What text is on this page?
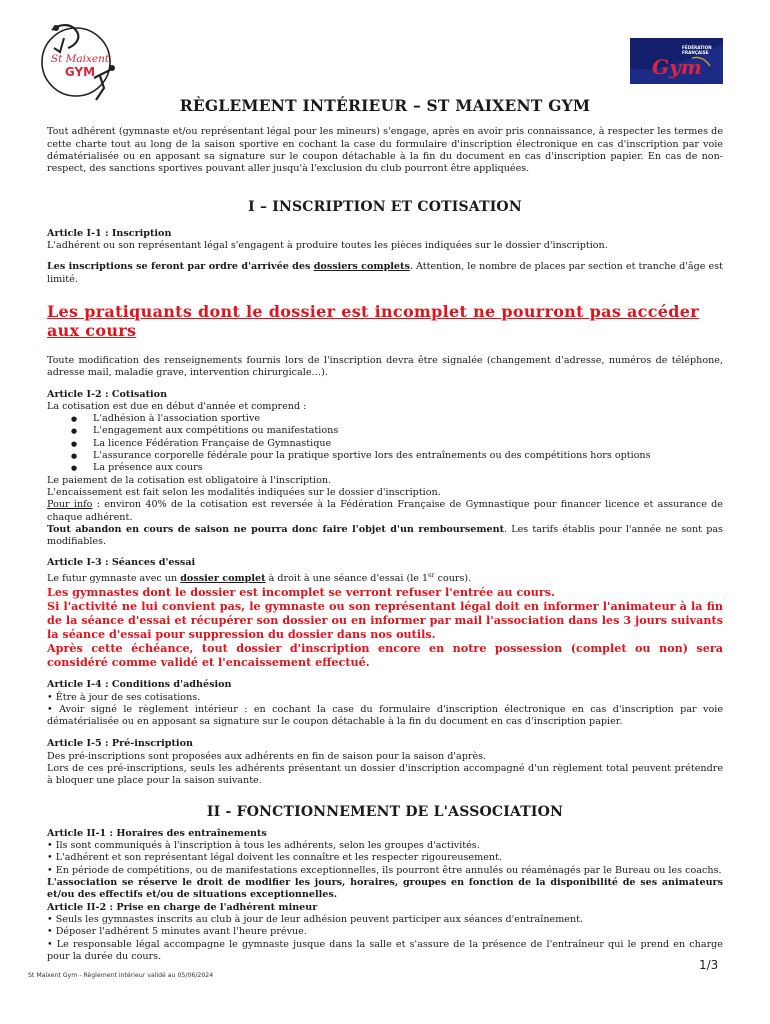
St Maixent
GYM
FÉDÉRATION
FRANÇAISE
Gym
RÈGLEMENT INTÉRIEUR – ST MAIXENT GYM

Tout adhérent (gymnaste et/ou représentant légal pour les mineurs) s'engage, après en avoir pris connaissance, à respecter les termes de cette charte tout au long de la saison sportive en cochant la case du formulaire d'inscription électronique en cas d'inscription par voie dématérialisée ou en apposant sa signature sur le coupon détachable à la fin du document en cas d'inscription papier. En cas de non-respect, des sanctions sportives pouvant aller jusqu'à l'exclusion du club pourront être appliquées.

I – INSCRIPTION ET COTISATION
Article I-1 : Inscription

L'adhérent ou son représentant légal s'engagent à produire toutes les pièces indiquées sur le dossier d'inscription.

Les inscriptions se feront par ordre d'arrivée des dossiers complets. Attention, le nombre de places par section et tranche d'âge est limité.

Les pratiquants dont le dossier est incomplet ne pourront pas accéder aux cours

Toute modification des renseignements fournis lors de l'inscription devra être signalée (changement d'adresse, numéros de téléphone, adresse mail, maladie grave, intervention chirurgicale…).

Article I-2 : Cotisation

La cotisation est due en début d'année et comprend :

● L'adhésion à l'association sportive
● L'engagement aux compétitions ou manifestations
● La licence Fédération Française de Gymnastique
● L'assurance corporelle fédérale pour la pratique sportive lors des entraînements ou des compétitions hors options
● La présence aux cours

Le paiement de la cotisation est obligatoire à l'inscription.

L'encaissement est fait selon les modalités indiquées sur le dossier d'inscription.

Pour info : environ 40% de la cotisation est reversée à la Fédération Française de Gymnastique pour financer licence et assurance de chaque adhérent.

Tout abandon en cours de saison ne pourra donc faire l'objet d'un remboursement. Les tarifs établis pour l'année ne sont pas modifiables.

Article I-3 : Séances d'essai

Le futur gymnaste avec un dossier complet à droit à une séance d'essai (le 1er cours).

Les gymnastes dont le dossier est incomplet se verront refuser l'entrée au cours.

Si l'activité ne lui convient pas, le gymnaste ou son représentant légal doit en informer l'animateur à la fin de la séance d'essai et récupérer son dossier ou en informer par mail l'association dans les 3 jours suivants la séance d'essai pour suppression du dossier dans nos outils.

Après cette échéance, tout dossier d'inscription encore en notre possession (complet ou non) sera considéré comme validé et l'encaissement effectué.

Article I-4 : Conditions d'adhésion

• Être à jour de ses cotisations.

• Avoir signé le règlement intérieur : en cochant la case du formulaire d'inscription électronique en cas d'inscription par voie dématérialisée ou en apposant sa signature sur le coupon détachable à la fin du document en cas d'inscription papier.

Article I-5 : Pré-inscription

Des pré-inscriptions sont proposées aux adhérents en fin de saison pour la saison d'après.

Lors de ces pré-inscriptions, seuls les adhérents présentant un dossier d'inscription accompagné d'un règlement total peuvent prétendre à bloquer une place pour la saison suivante.

II - FONCTIONNEMENT DE L'ASSOCIATION
Article II-1 : Horaires des entraînements

• Ils sont communiqués à l'inscription à tous les adhérents, selon les groupes d'activités.

• L'adhérent et son représentant légal doivent les connaître et les respecter rigoureusement.

• En période de compétitions, ou de manifestations exceptionnelles, ils pourront être annulés ou réaménagés par le Bureau ou les coachs.

L'association se réserve le droit de modifier les jours, horaires, groupes en fonction de la disponibilité de ses animateurs et/ou des effectifs et/ou de situations exceptionnelles.

Article II-2 : Prise en charge de l'adhérent mineur

• Seuls les gymnastes inscrits au club à jour de leur adhésion peuvent participer aux séances d'entraînement.

• Déposer l'adhérent 5 minutes avant l'heure prévue.

• Le responsable légal accompagne le gymnaste jusque dans la salle et s'assure de la présence de l'entraîneur qui le prend en charge pour la durée du cours.

1/3
St Maixent Gym - Règlement intérieur validé au 05/06/2024
